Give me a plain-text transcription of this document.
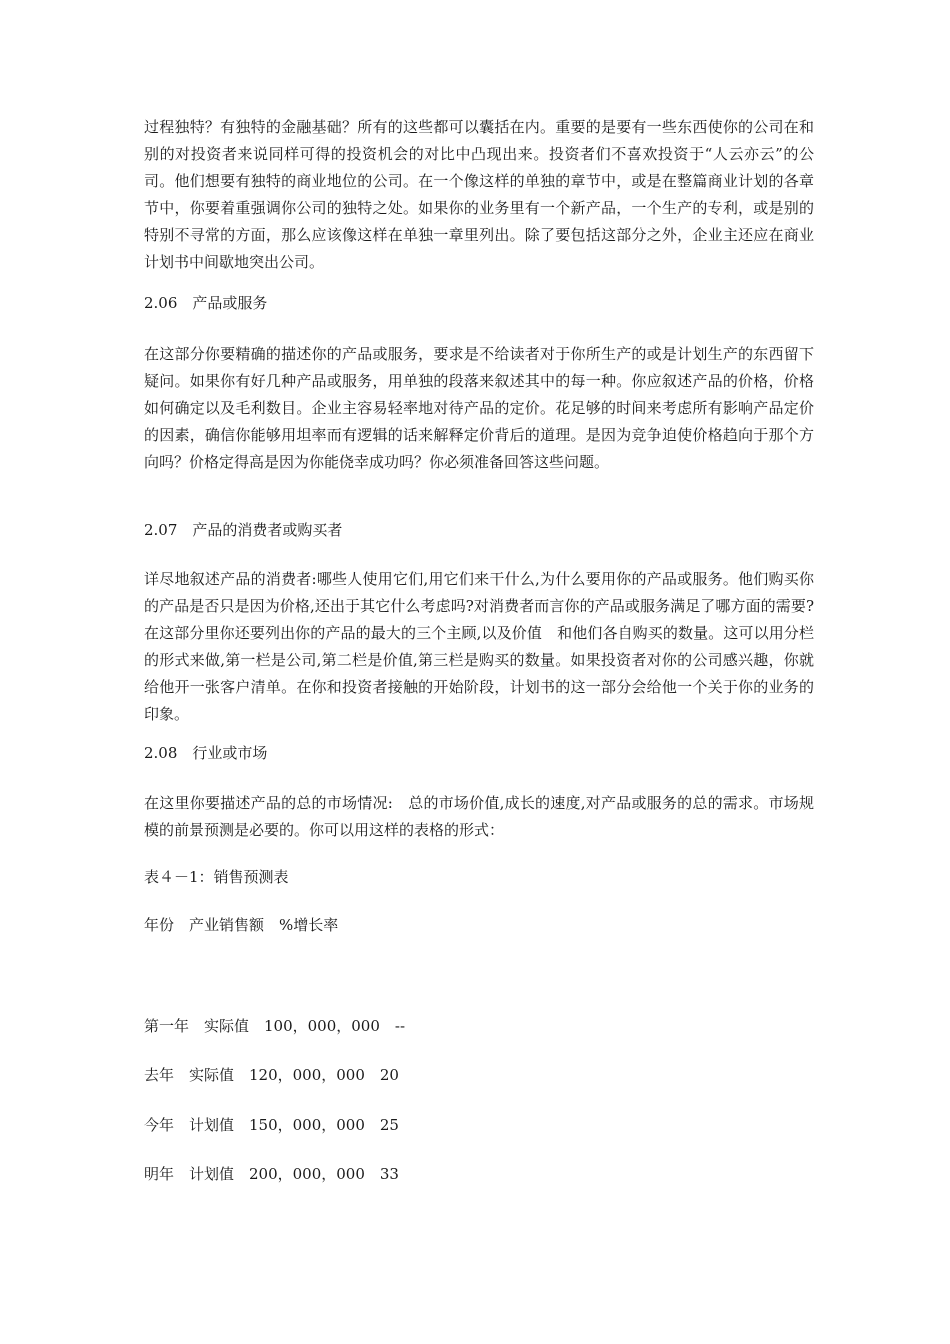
过程独特？有独特的金融基础？所有的这些都可以囊括在内。重要的是要有一些东西使你的公司在和别的对投资者来说同样可得的投资机会的对比中凸现出来。投资者们不喜欢投资于“人云亦云”的公司。他们想要有独特的商业地位的公司。在一个像这样的单独的章节中，或是在整篇商业计划的各章节中，你要着重强调你公司的独特之处。如果你的业务里有一个新产品，一个生产的专利，或是别的特别不寻常的方面，那么应该像这样在单独一章里列出。除了要包括这部分之外，企业主还应在商业计划书中间歇地突出公司。

2.06　产品或服务

在这部分你要精确的描述你的产品或服务，要求是不给读者对于你所生产的或是计划生产的东西留下疑问。如果你有好几种产品或服务，用单独的段落来叙述其中的每一种。你应叙述产品的价格，价格如何确定以及毛利数目。企业主容易轻率地对待产品的定价。花足够的时间来考虑所有影响产品定价的因素，确信你能够用坦率而有逻辑的话来解释定价背后的道理。是因为竞争迫使价格趋向于那个方向吗？价格定得高是因为你能侥幸成功吗？你必须准备回答这些问题。

2.07　产品的消费者或购买者

详尽地叙述产品的消费者:哪些人使用它们,用它们来干什么,为什么要用你的产品或服务。他们购买你的产品是否只是因为价格,还出于其它什么考虑吗?对消费者而言你的产品或服务满足了哪方面的需要?在这部分里你还要列出你的产品的最大的三个主顾,以及价值　和他们各自购买的数量。这可以用分栏的形式来做,第一栏是公司,第二栏是价值,第三栏是购买的数量。如果投资者对你的公司感兴趣，你就给他开一张客户清单。在你和投资者接触的开始阶段，计划书的这一部分会给他一个关于你的业务的印象。

2.08　行业或市场

在这里你要描述产品的总的市场情况:　总的市场价值,成长的速度,对产品或服务的总的需求。市场规模的前景预测是必要的。你可以用这样的表格的形式：

表４－1：销售预测表

年份　产业销售额　%增长率

第一年　实际值　100，000，000　--

去年　实际值　120，000，000　20

今年　计划值　150，000，000　25

明年　计划值　200，000，000　33
